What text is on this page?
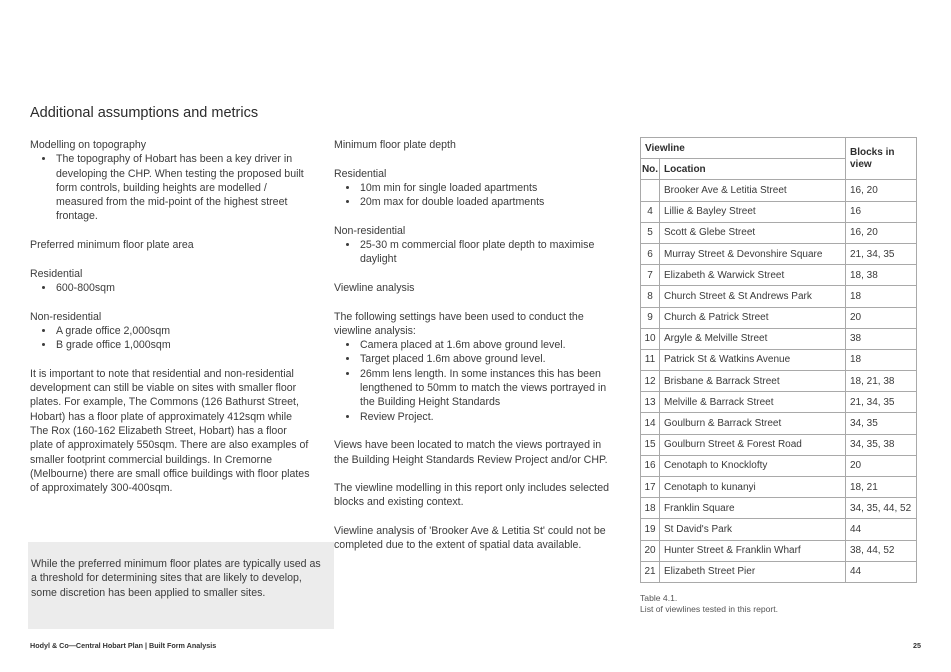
Additional assumptions and metrics

Modelling on topography

• The topography of Hobart has been a key driver in developing the CHP. When testing the proposed built form controls, building heights are modelled / measured from the mid-point of the highest street frontage.

Preferred minimum floor plate area

Residential

• 600-800sqm

Non-residential

• A grade office 2,000sqm
• B grade office 1,000sqm

It is important to note that residential and non-residential development can still be viable on sites with smaller floor plates. For example, The Commons (126 Bathurst Street, Hobart) has a floor plate of approximately 412sqm while The Rox (160-162 Elizabeth Street, Hobart) has a floor plate of approximately 550sqm. There are also examples of smaller footprint commercial buildings. In Cremorne (Melbourne) there are small office buildings with floor plates of approximately 300-400sqm.

While the preferred minimum floor plates are typically used as a threshold for determining sites that are likely to develop, some discretion has been applied to smaller sites.

Minimum floor plate depth

Residential

• 10m min for single loaded apartments
• 20m max for double loaded apartments

Non-residential

• 25-30 m commercial floor plate depth to maximise daylight

Viewline analysis

The following settings have been used to conduct the viewline analysis:

• Camera placed at 1.6m above ground level.
• Target placed 1.6m above ground level.
• 26mm lens length. In some instances this has been lengthened to 50mm to match the views portrayed in the Building Height Standards
• Review Project.

Views have been located to match the views portrayed in the Building Height Standards Review Project and/or CHP.

The viewline modelling in this report only includes selected blocks and existing context.

Viewline analysis of 'Brooker Ave & Letitia St' could not be completed due to the extent of spatial data available.

Viewline		Blocks in view
No.	Location	
	Brooker Ave & Letitia Street	16, 20
4	Lillie & Bayley Street	16
5	Scott & Glebe Street	16, 20
6	Murray Street & Devonshire Square	21, 34, 35
7	Elizabeth & Warwick Street	18, 38
8	Church Street & St Andrews Park	18
9	Church & Patrick Street	20
10	Argyle & Melville Street	38
11	Patrick St & Watkins Avenue	18
12	Brisbane & Barrack Street	18, 21, 38
13	Melville & Barrack Street	21, 34, 35
14	Goulburn & Barrack Street	34, 35
15	Goulburn Street & Forest Road	34, 35, 38
16	Cenotaph to Knocklofty	20
17	Cenotaph to kunanyi	18, 21
18	Franklin Square	34, 35, 44, 52
19	St David's Park	44
20	Hunter Street & Franklin Wharf	38, 44, 52
21	Elizabeth Street Pier	44
Table 4.1.
List of viewlines tested in this report.
Hodyl & Co—Central Hobart Plan | Built Form Analysis	25
